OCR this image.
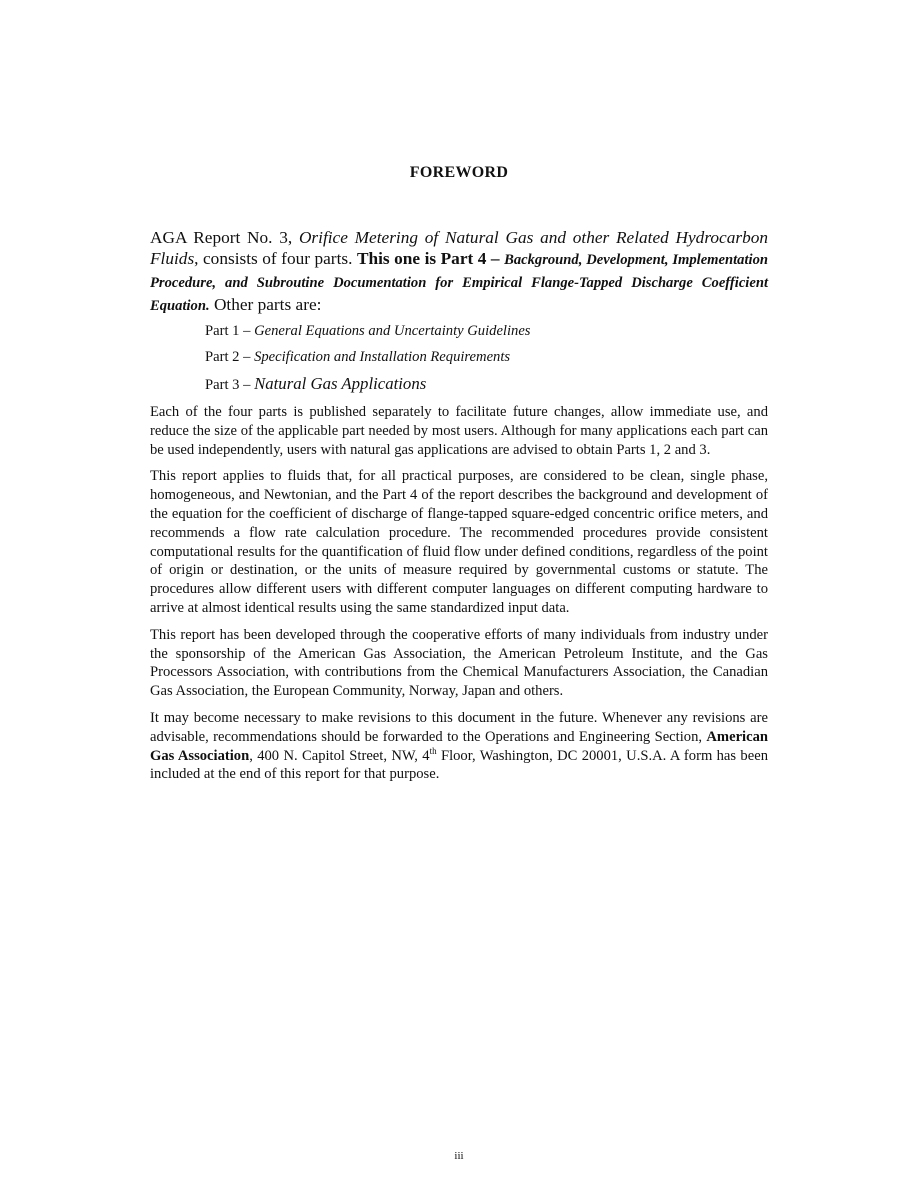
FOREWORD

AGA Report No. 3, Orifice Metering of Natural Gas and other Related Hydrocarbon Fluids, consists of four parts. This one is Part 4 – Background, Development, Implementation Procedure, and Subroutine Documentation for Empirical Flange-Tapped Discharge Coefficient Equation. Other parts are:

Part 1 – General Equations and Uncertainty Guidelines
Part 2 – Specification and Installation Requirements
Part 3 – Natural Gas Applications

Each of the four parts is published separately to facilitate future changes, allow immediate use, and reduce the size of the applicable part needed by most users. Although for many applications each part can be used independently, users with natural gas applications are advised to obtain Parts 1, 2 and 3.

This report applies to fluids that, for all practical purposes, are considered to be clean, single phase, homogeneous, and Newtonian, and the Part 4 of the report describes the background and development of the equation for the coefficient of discharge of flange-tapped square-edged concentric orifice meters, and recommends a flow rate calculation procedure. The recommended procedures provide consistent computational results for the quantification of fluid flow under defined conditions, regardless of the point of origin or destination, or the units of measure required by governmental customs or statute. The procedures allow different users with different computer languages on different computing hardware to arrive at almost identical results using the same standardized input data.

This report has been developed through the cooperative efforts of many individuals from industry under the sponsorship of the American Gas Association, the American Petroleum Institute, and the Gas Processors Association, with contributions from the Chemical Manufacturers Association, the Canadian Gas Association, the European Community, Norway, Japan and others.

It may become necessary to make revisions to this document in the future. Whenever any revisions are advisable, recommendations should be forwarded to the Operations and Engineering Section, American Gas Association, 400 N. Capitol Street, NW, 4th Floor, Washington, DC 20001, U.S.A. A form has been included at the end of this report for that purpose.

iii
